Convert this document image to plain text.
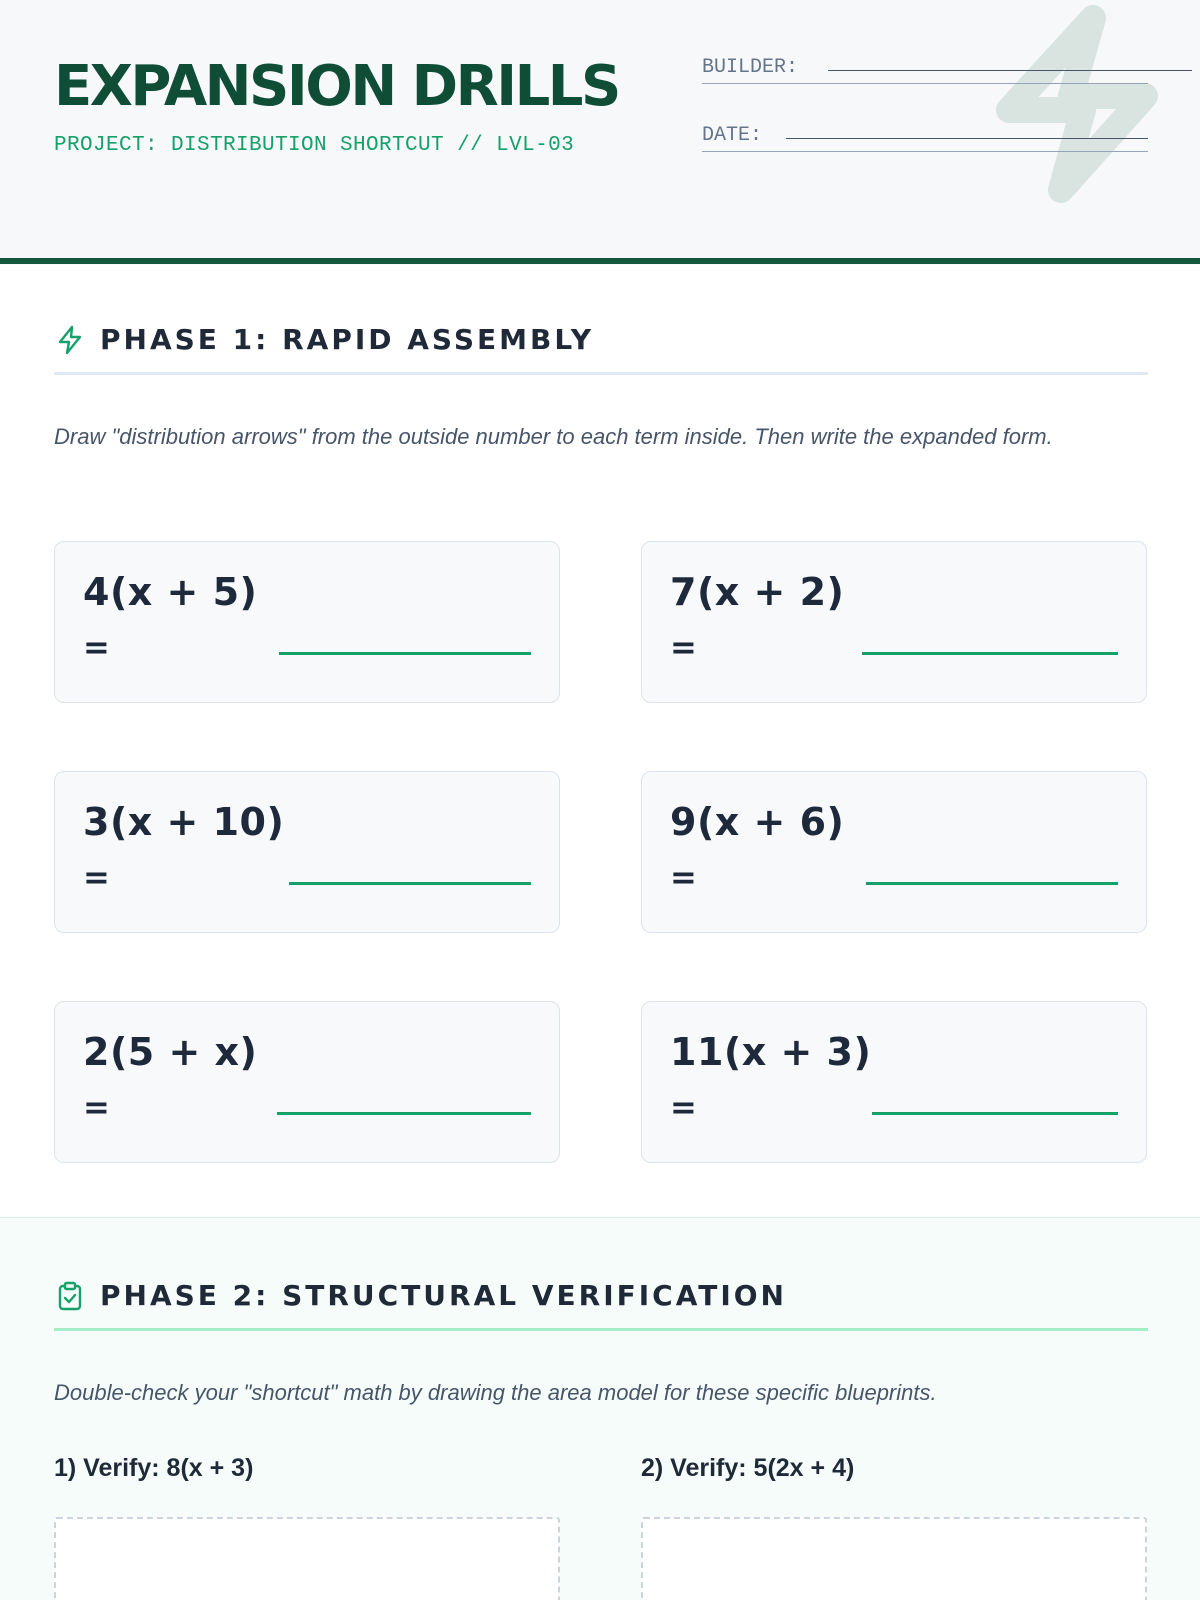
EXPANSION DRILLS
PROJECT: DISTRIBUTION SHORTCUT // LVL-03
BUILDER:
DATE:
PHASE 1: RAPID ASSEMBLY
Draw "distribution arrows" from the outside number to each term inside. Then write the expanded form.
4(x + 5)
=
7(x + 2)
=
3(x + 10)
=
9(x + 6)
=
2(5 + x)
=
11(x + 3)
=
PHASE 2: STRUCTURAL VERIFICATION
Double-check your "shortcut" math by drawing the area model for these specific blueprints.
1) Verify: 8(x + 3)	2) Verify: 5(2x + 4)
